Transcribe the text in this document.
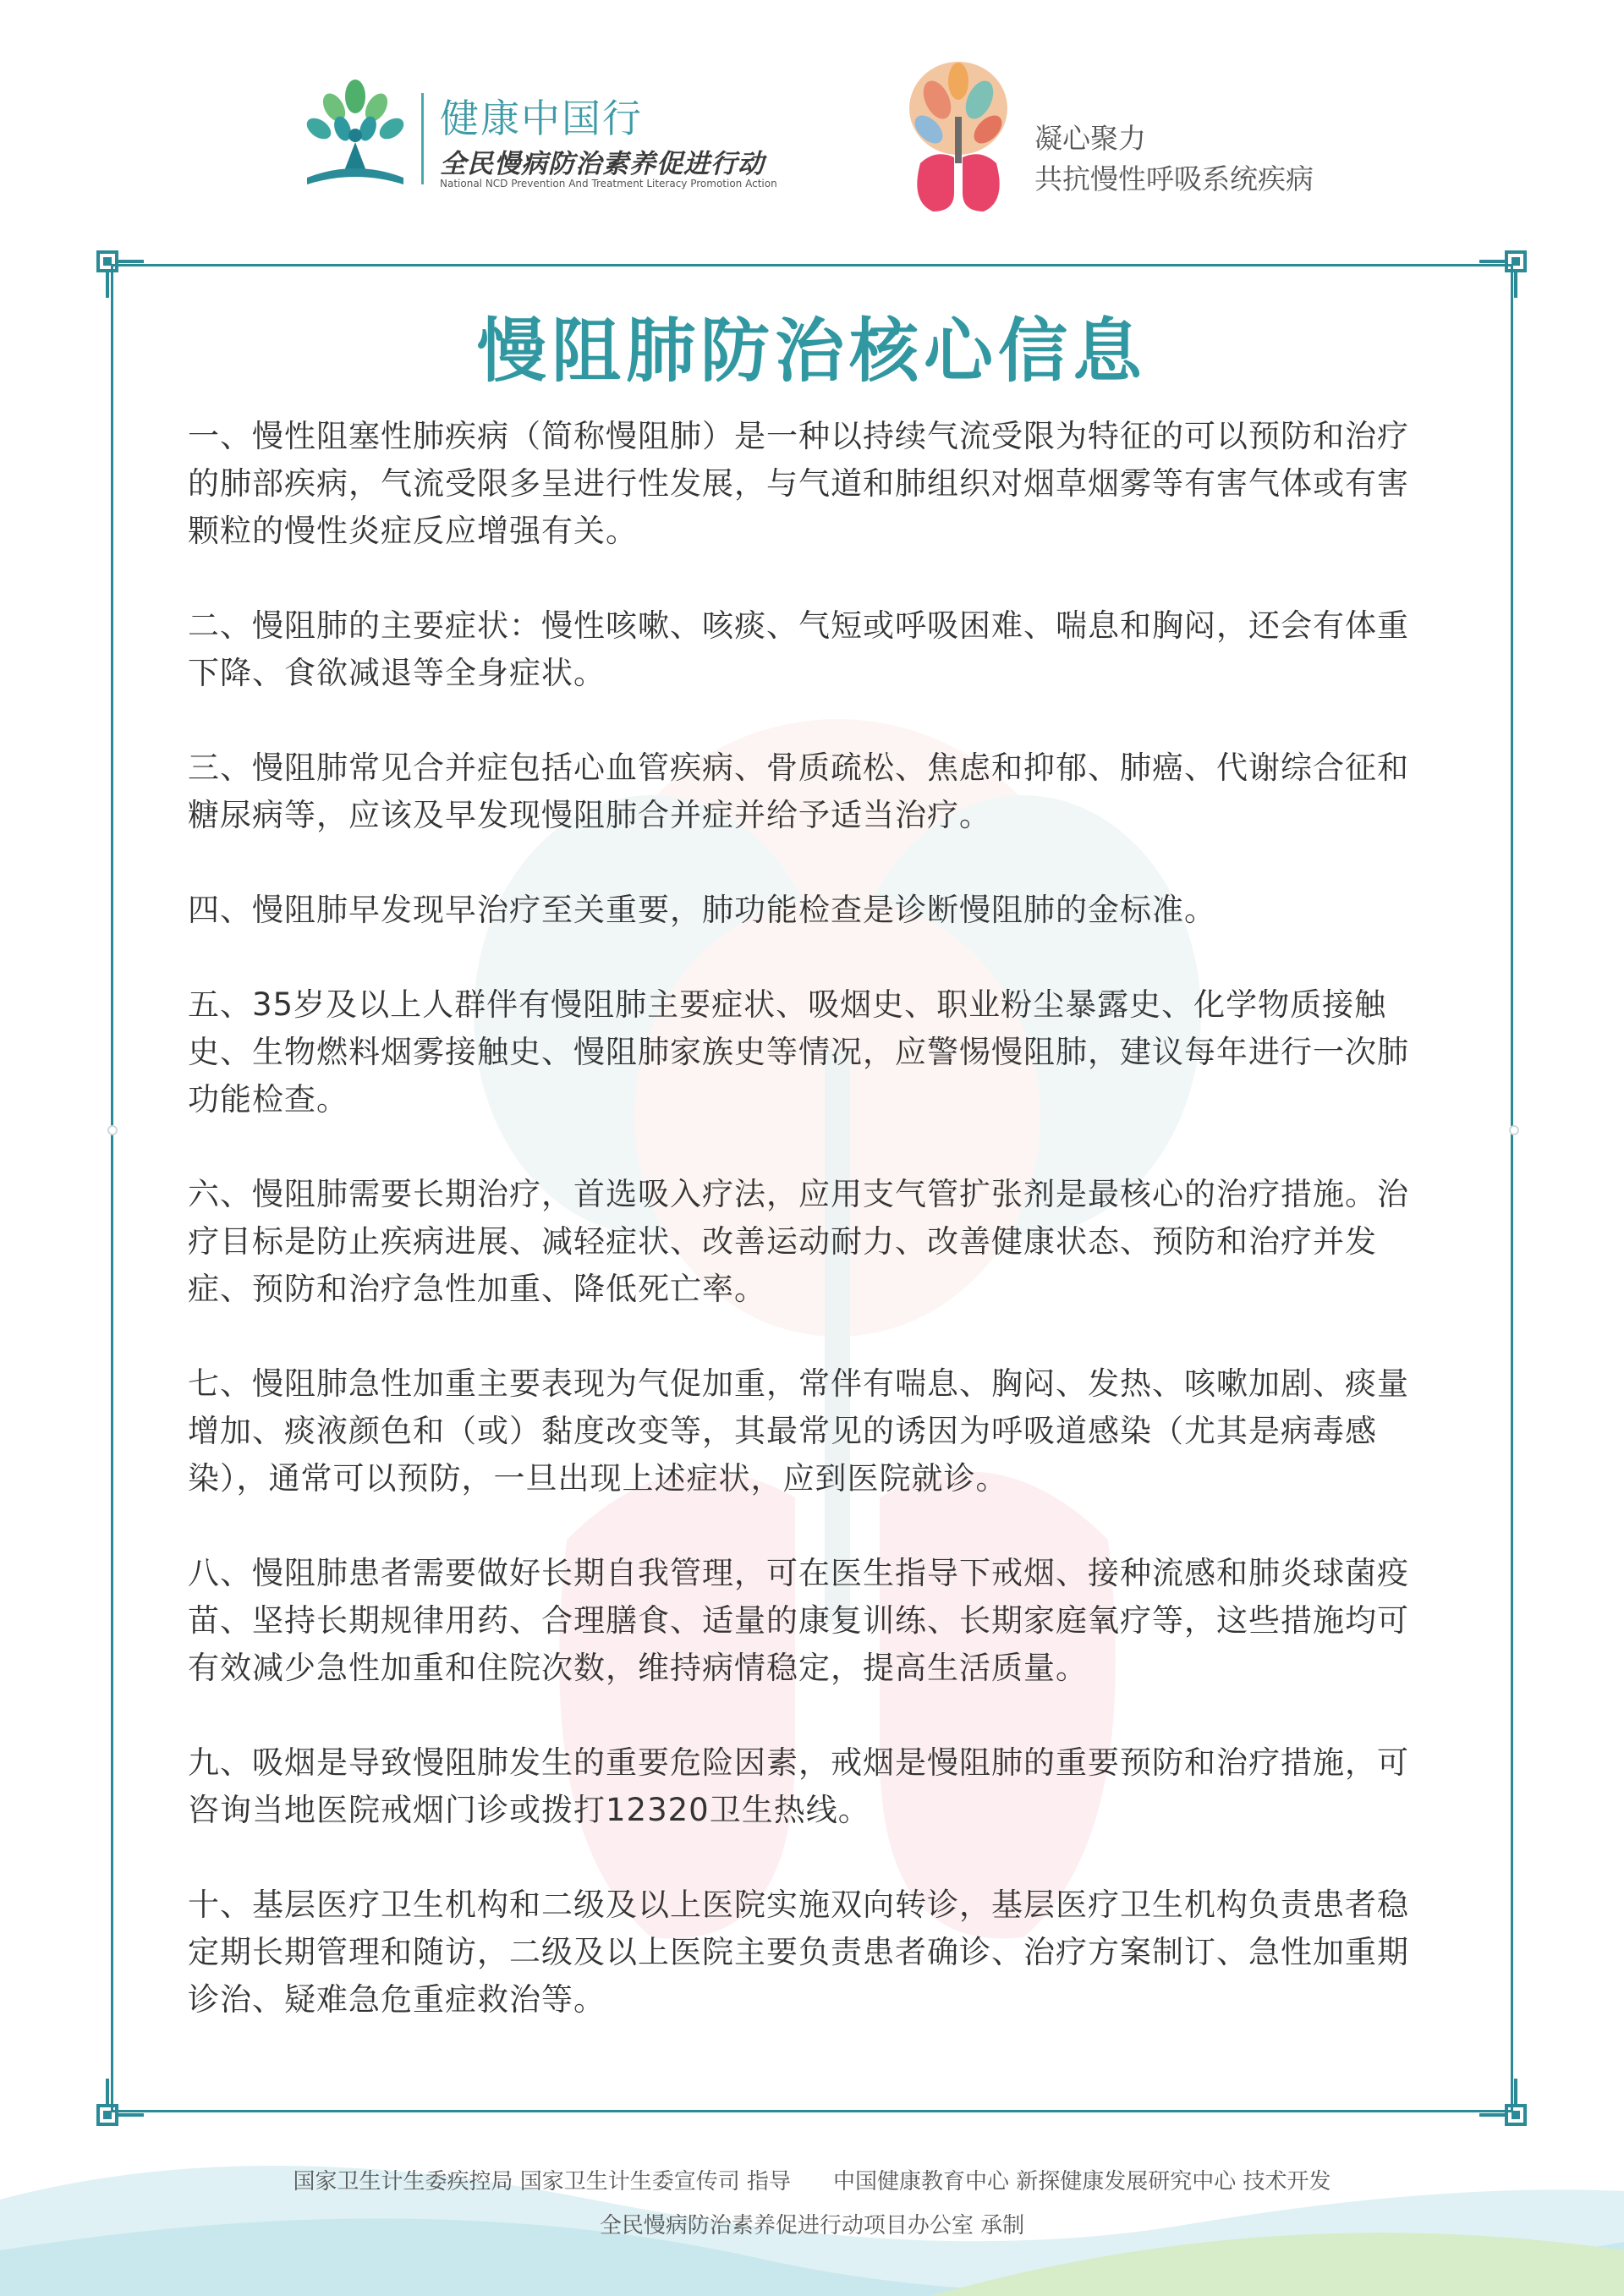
健康中国行
全民慢病防治素养促进行动
National NCD Prevention And Treatment Literacy Promotion Action
凝心聚力
共抗慢性呼吸系统疾病
慢阻肺防治核心信息

一、慢性阻塞性肺疾病（简称慢阻肺）是一种以持续气流受限为特征的可以预防和治疗的肺部疾病，气流受限多呈进行性发展，与气道和肺组织对烟草烟雾等有害气体或有害颗粒的慢性炎症反应增强有关。

二、慢阻肺的主要症状：慢性咳嗽、咳痰、气短或呼吸困难、喘息和胸闷，还会有体重下降、食欲减退等全身症状。

三、慢阻肺常见合并症包括心血管疾病、骨质疏松、焦虑和抑郁、肺癌、代谢综合征和糖尿病等，应该及早发现慢阻肺合并症并给予适当治疗。

四、慢阻肺早发现早治疗至关重要，肺功能检查是诊断慢阻肺的金标准。

五、35岁及以上人群伴有慢阻肺主要症状、吸烟史、职业粉尘暴露史、化学物质接触史、生物燃料烟雾接触史、慢阻肺家族史等情况，应警惕慢阻肺，建议每年进行一次肺功能检查。

六、慢阻肺需要长期治疗，首选吸入疗法，应用支气管扩张剂是最核心的治疗措施。治疗目标是防止疾病进展、减轻症状、改善运动耐力、改善健康状态、预防和治疗并发症、预防和治疗急性加重、降低死亡率。

七、慢阻肺急性加重主要表现为气促加重，常伴有喘息、胸闷、发热、咳嗽加剧、痰量增加、痰液颜色和（或）黏度改变等，其最常见的诱因为呼吸道感染（尤其是病毒感染），通常可以预防，一旦出现上述症状，应到医院就诊。

八、慢阻肺患者需要做好长期自我管理，可在医生指导下戒烟、接种流感和肺炎球菌疫苗、坚持长期规律用药、合理膳食、适量的康复训练、长期家庭氧疗等，这些措施均可有效减少急性加重和住院次数，维持病情稳定，提高生活质量。

九、吸烟是导致慢阻肺发生的重要危险因素，戒烟是慢阻肺的重要预防和治疗措施，可咨询当地医院戒烟门诊或拨打12320卫生热线。

十、基层医疗卫生机构和二级及以上医院实施双向转诊，基层医疗卫生机构负责患者稳定期长期管理和随访，二级及以上医院主要负责患者确诊、治疗方案制订、急性加重期诊治、疑难急危重症救治等。

国家卫生计生委疾控局 国家卫生计生委宣传司 指导 中国健康教育中心 新探健康发展研究中心 技术开发
全民慢病防治素养促进行动项目办公室 承制
